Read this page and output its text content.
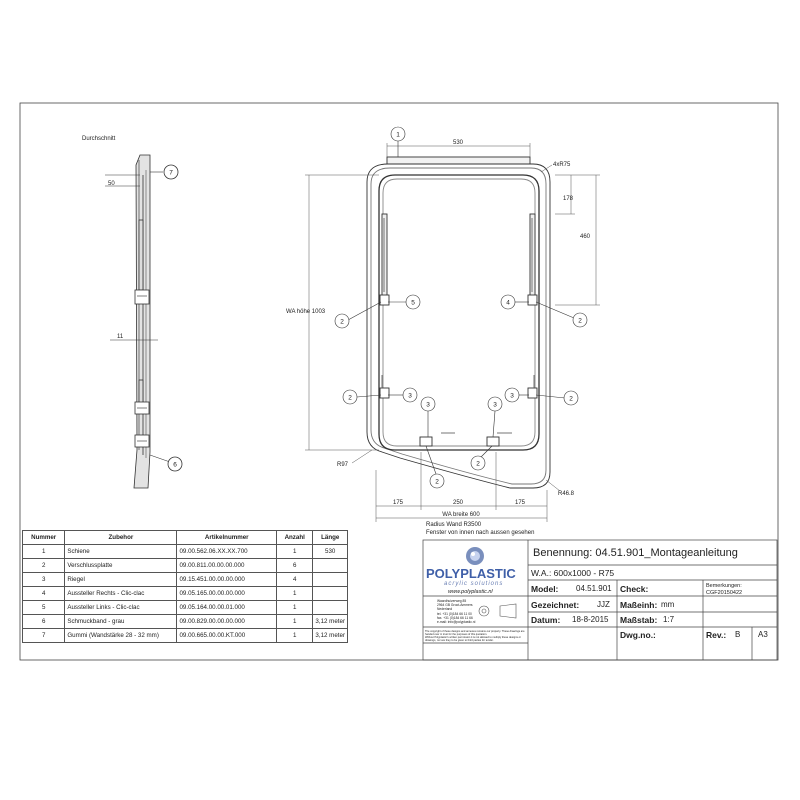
Durchschnitt
50
11
7
6
530
4xR75
178
460
WA höhe 1003
R97
R46.8
175	250	175
WA breite 600
Radius Wand R3500
Fenster von innen nach aussen gesehen
1
5
2
4
2
3
2	3	2
3	3
2
2
Nummer	Zubehor	Artikelnummer	Anzahl	Länge
1	Schiene	09.00.562.06.XX.XX.700	1	530
2	Verschlussplatte	09.00.811.00.00.00.000	6	
3	Riegel	09.15.451.00.00.00.000	4	
4	Aussteller Rechts - Clic-clac	09.05.165.00.00.00.000	1	
5	Aussteller Links - Clic-clac	09.05.164.00.00.01.000	1	
6	Schmuckband - grau	09.00.829.00.00.00.000	1	3,12 meter
7	Gummi (Wandstärke 28 - 32 mm)	09.00.665.00.00.KT.000	1	3,12 meter
POLYPLASTIC
acrylic solutions
www.polyplastic.nl
Waardhuizerweg 85
2964 GB Groot-Ammers
Nederland
tel. +31 (0)184 66 11 00
fax. +31 (0)184 66 11 66
e-mail: info@polyplastic.nl
The copyright of these designs and annexes remains our property. These drawings are handed over in trust for the purposes of this quotation.
Without Polyplastic's written permission it is not allowed to multiply these designs or drawings, nor are they to be given to third parties for tender.
Benennung: 04.51.901_Montageanleitung
W.A.: 600x1000 - R75
Model: 04.51.901 Check:	Bemerkungen:
CGF20150422
Gezeichnet: JJZ Maßeinh: mm
Datum: 18-8-2015 Maßstab: 1:7
Dwg.no.:	Rev.: B A3
